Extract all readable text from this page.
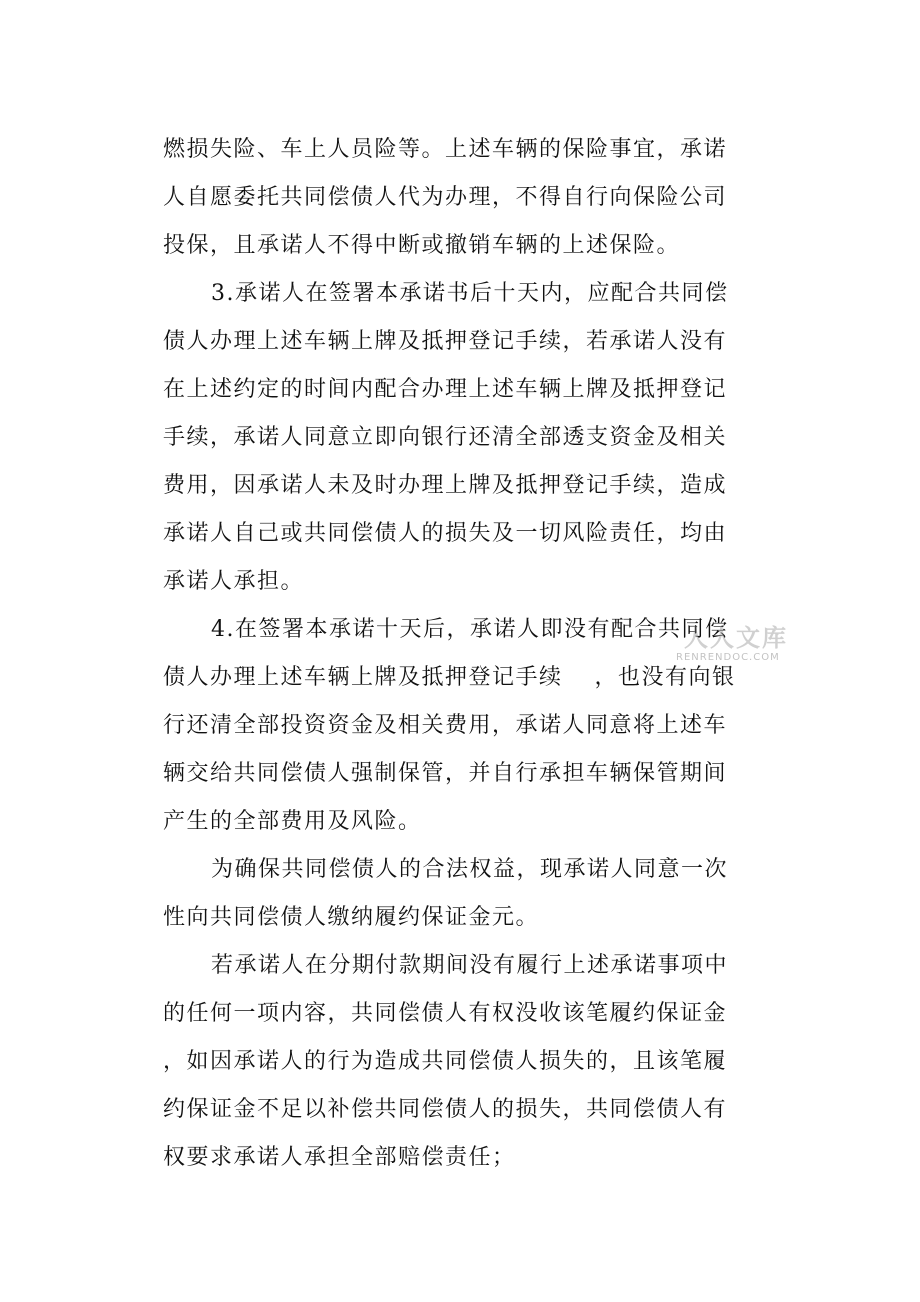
燃损失险、车上人员险等。上述车辆的保险事宜，承诺
人自愿委托共同偿债人代为办理，不得自行向保险公司
投保，且承诺人不得中断或撤销车辆的上述保险。
3.承诺人在签署本承诺书后十天内，应配合共同偿
债人办理上述车辆上牌及抵押登记手续，若承诺人没有
在上述约定的时间内配合办理上述车辆上牌及抵押登记
手续，承诺人同意立即向银行还清全部透支资金及相关
费用，因承诺人未及时办理上牌及抵押登记手续，造成
承诺人自己或共同偿债人的损失及一切风险责任，均由
承诺人承担。
4.在签署本承诺十天后，承诺人即没有配合共同偿
债人办理上述车辆上牌及抵押登记手续　 ，也没有向银
行还清全部投资资金及相关费用，承诺人同意将上述车
辆交给共同偿债人强制保管，并自行承担车辆保管期间
产生的全部费用及风险。
为确保共同偿债人的合法权益，现承诺人同意一次
性向共同偿债人缴纳履约保证金元。
若承诺人在分期付款期间没有履行上述承诺事项中
的任何一项内容，共同偿债人有权没收该笔履约保证金
，如因承诺人的行为造成共同偿债人损失的，且该笔履
约保证金不足以补偿共同偿债人的损失，共同偿债人有
权要求承诺人承担全部赔偿责任；
人人文库
RENRENDOC.COM
